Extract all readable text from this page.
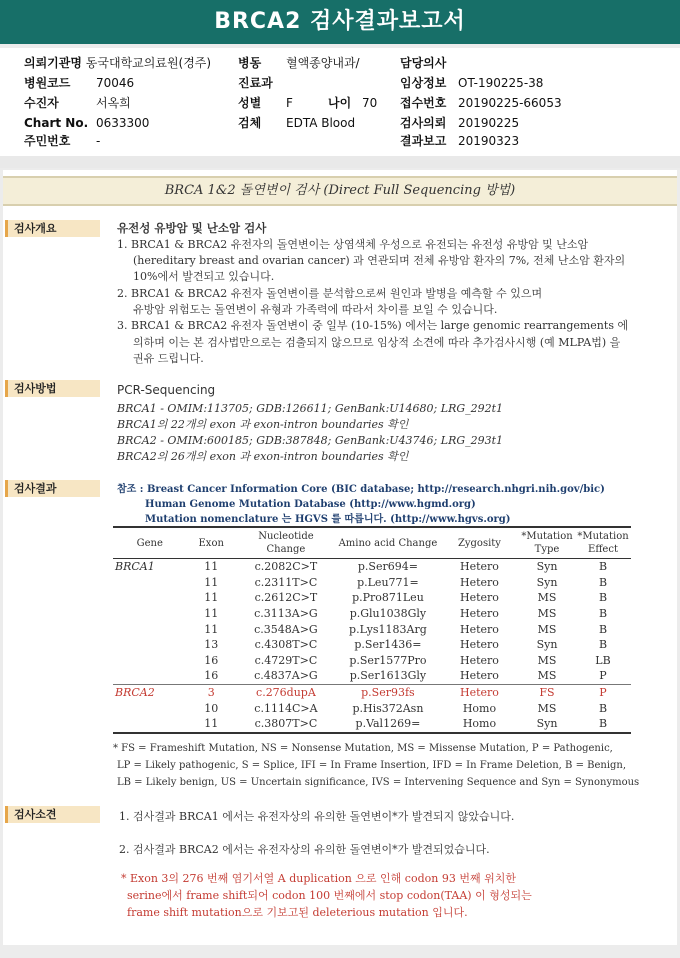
BRCA2 검사결과보고서
의뢰기관명 동국대학교의료원(경주)
병원코드 70046
수진자	서옥희
Chart No. 0633300
주민번호 -
병동 혈액종양내과/
진료과
성별 F	나이 70
검체 EDTA Blood
담당의사
임상정보 OT-190225-38
접수번호 20190225-66053
검사의뢰 20190225
결과보고 20190323
BRCA 1&2 돌연변이 검사 (Direct Full Sequencing 방법)
검사개요	유전성 유방암 및 난소암 검사
1. BRCA1 & BRCA2 유전자의 돌연변이는 상염색체 우성으로 유전되는 유전성 유방암 및 난소암
(hereditary breast and ovarian cancer) 과 연관되며 전체 유방암 환자의 7%, 전체 난소암 환자의
10%에서 발견되고 있습니다.
2. BRCA1 & BRCA2 유전자 돌연변이를 분석함으로써 원인과 발병을 예측할 수 있으며
유방암 위험도는 돌연변이 유형과 가족력에 따라서 차이를 보일 수 있습니다.
3. BRCA1 & BRCA2 유전자 돌연변이 중 일부 (10-15%) 에서는 large genomic rearrangements 에
의하며 이는 본 검사법만으로는 검출되지 않으므로 임상적 소견에 따라 추가검사시행 (예 MLPA법) 을
권유 드립니다.
검사방법	PCR-Sequencing
BRCA1 - OMIM:113705; GDB:126611; GenBank:U14680; LRG_292t1
BRCA1의 22개의 exon 과 exon-intron boundaries 확인
BRCA2 - OMIM:600185; GDB:387848; GenBank:U43746; LRG_293t1
BRCA2의 26개의 exon 과 exon-intron boundaries 확인
검사결과	참조 : Breast Cancer Information Core (BIC database; http://research.nhgri.nih.gov/bic)
Human Genome Mutation Database (http://www.hgmd.org)
Mutation nomenclature 는 HGVS 를 따릅니다. (http://www.hgvs.org)
Gene	Exon	Nucleotide Change	Amino acid Change	Zygosity	*Mutation Type	*Mutation Effect
BRCA1	11	c.2082C>T	p.Ser694=	Hetero	Syn	B
	11	c.2311T>C	p.Leu771=	Hetero	Syn	B
	11	c.2612C>T	p.Pro871Leu	Hetero	MS	B
	11	c.3113A>G	p.Glu1038Gly	Hetero	MS	B
	11	c.3548A>G	p.Lys1183Arg	Hetero	MS	B
	13	c.4308T>C	p.Ser1436=	Hetero	Syn	B
	16	c.4729T>C	p.Ser1577Pro	Hetero	MS	LB
	16	c.4837A>G	p.Ser1613Gly	Hetero	MS	P
BRCA2	3	c.276dupA	p.Ser93fs	Hetero	FS	P
	10	c.1114C>A	p.His372Asn	Homo	MS	B
	11	c.3807T>C	p.Val1269=	Homo	Syn	B
* FS = Frameshift Mutation, NS = Nonsense Mutation, MS = Missense Mutation, P = Pathogenic,
LP = Likely pathogenic, S = Splice, IFI = In Frame Insertion, IFD = In Frame Deletion, B = Benign,
LB = Likely benign, US = Uncertain significance, IVS = Intervening Sequence and Syn = Synonymous
검사소견	1. 검사결과 BRCA1 에서는 유전자상의 유의한 돌연변이*가 발견되지 않았습니다.
2. 검사결과 BRCA2 에서는 유전자상의 유의한 돌연변이*가 발견되었습니다.
* Exon 3의 276 번째 염기서열 A duplication 으로 인해 codon 93 번째 위치한
serine에서 frame shift되어 codon 100 번째에서 stop codon(TAA) 이 형성되는
frame shift mutation으로 기보고된 deleterious mutation 입니다.
